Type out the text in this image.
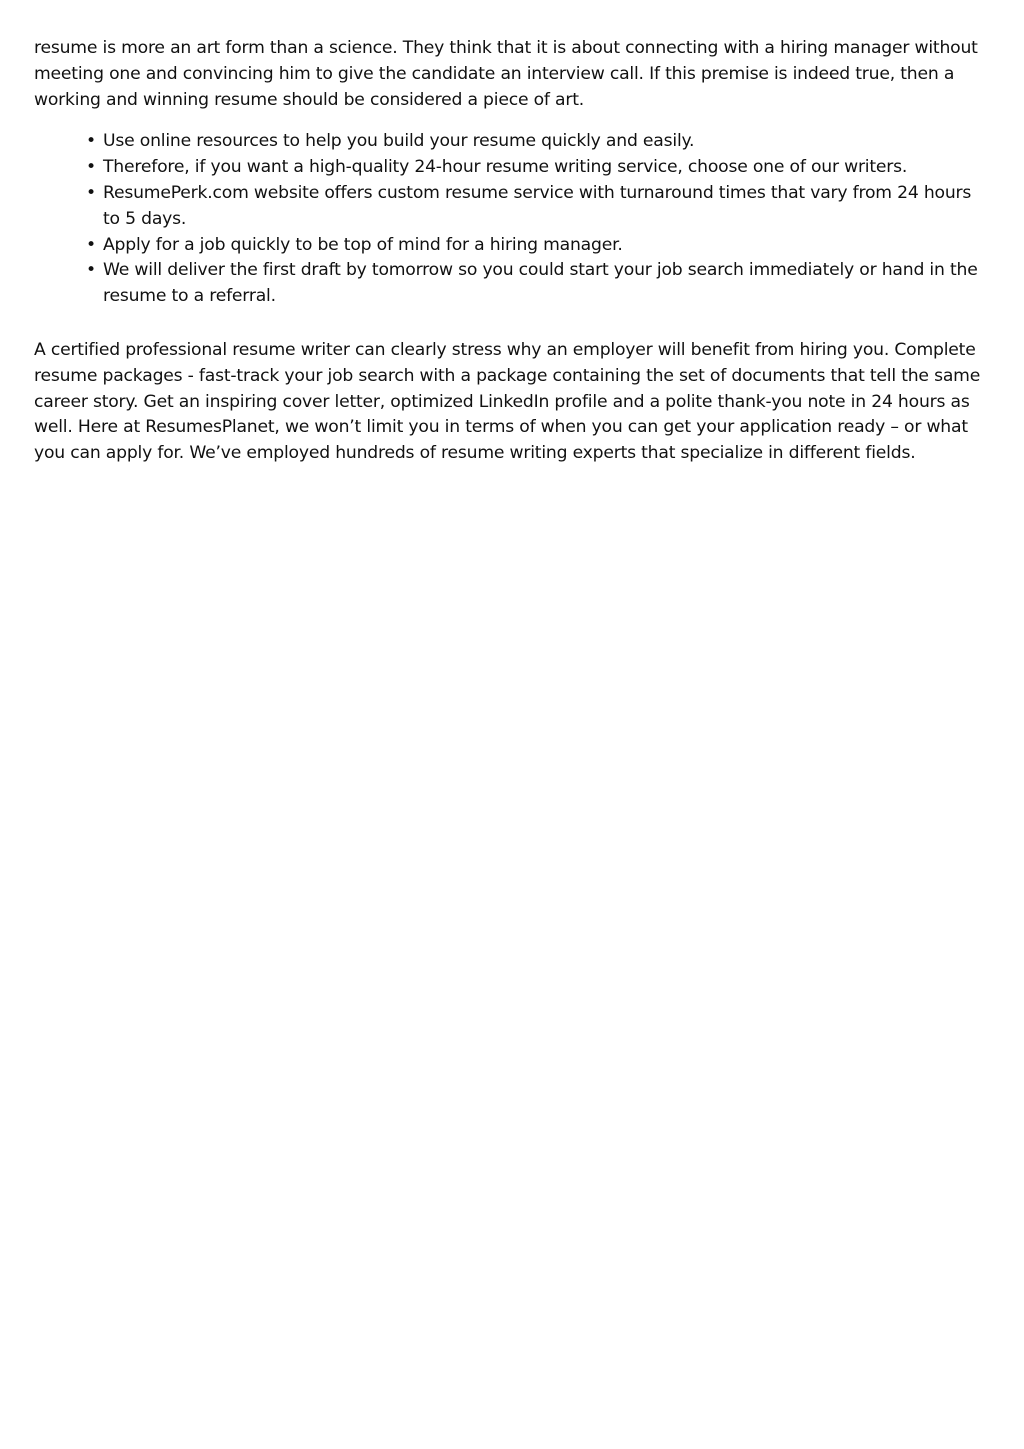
resume is more an art form than a science. They think that it is about connecting with a hiring manager without meeting one and convincing him to give the candidate an interview call. If this premise is indeed true, then a working and winning resume should be considered a piece of art.

• Use online resources to help you build your resume quickly and easily.
• Therefore, if you want a high-quality 24-hour resume writing service, choose one of our writers.
• ResumePerk.com website offers custom resume service with turnaround times that vary from 24 hours to 5 days.
• Apply for a job quickly to be top of mind for a hiring manager.
• We will deliver the first draft by tomorrow so you could start your job search immediately or hand in the resume to a referral.

A certified professional resume writer can clearly stress why an employer will benefit from hiring you. Complete resume packages - fast-track your job search with a package containing the set of documents that tell the same career story. Get an inspiring cover letter, optimized LinkedIn profile and a polite thank-you note in 24 hours as well. Here at ResumesPlanet, we won’t limit you in terms of when you can get your application ready – or what you can apply for. We’ve employed hundreds of resume writing experts that specialize in different fields.
